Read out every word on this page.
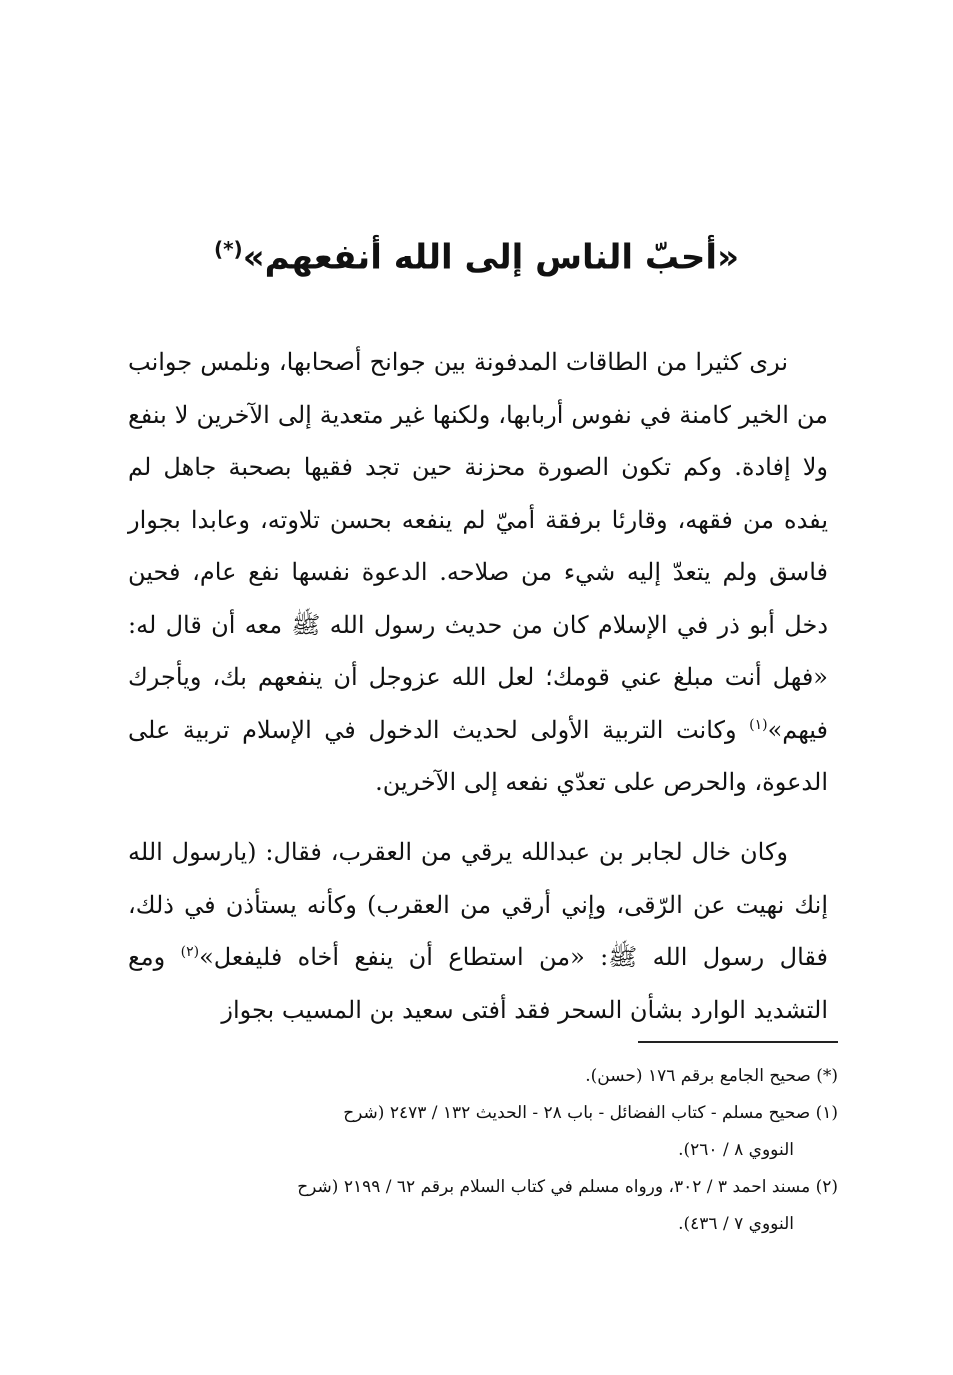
«أحبّ الناس إلى الله أنفعهم»(*)

نرى كثيرا من الطاقات المدفونة بين جوانح أصحابها، ونلمس جوانب من الخير كامنة في نفوس أربابها، ولكنها غير متعدية إلى الآخرين لا بنفع ولا إفادة. وكم تكون الصورة محزنة حين تجد فقيها بصحبة جاهل لم يفده من فقهه، وقارئا برفقة أميّ لم ينفعه بحسن تلاوته، وعابدا بجوار فاسق ولم يتعدّ إليه شيء من صلاحه. الدعوة نفسها نفع عام، فحين دخل أبو ذر في الإسلام كان من حديث رسول الله ﷺ معه أن قال له: «فهل أنت مبلغ عني قومك؛ لعل الله عزوجل أن ينفعهم بك، ويأجرك فيهم»$^{(١)}$ وكانت التربية الأولى لحديث الدخول في الإسلام تربية على الدعوة، والحرص على تعدّي نفعه إلى الآخرين.

وكان خال لجابر بن عبدالله يرقي من العقرب، فقال: (يارسول الله إنك نهيت عن الرّقى، وإني أرقي من العقرب) وكأنه يستأذن في ذلك، فقال رسول الله ﷺ: «من استطاع أن ينفع أخاه فليفعل»$^{(٢)}$ ومع التشديد الوارد بشأن السحر فقد أفتى سعيد بن المسيب بجواز

(*) صحيح الجامع برقم ١٧٦ (حسن).

(١) صحيح مسلم - كتاب الفضائل - باب ٢٨ - الحديث ١٣٢ / ٢٤٧٣ (شرح
النووي ٨ / ٢٦٠).

(٢) مسند احمد ٣ / ٣٠٢، ورواه مسلم في كتاب السلام برقم ٦٢ / ٢١٩٩ (شرح
النووي ٧ / ٤٣٦).
